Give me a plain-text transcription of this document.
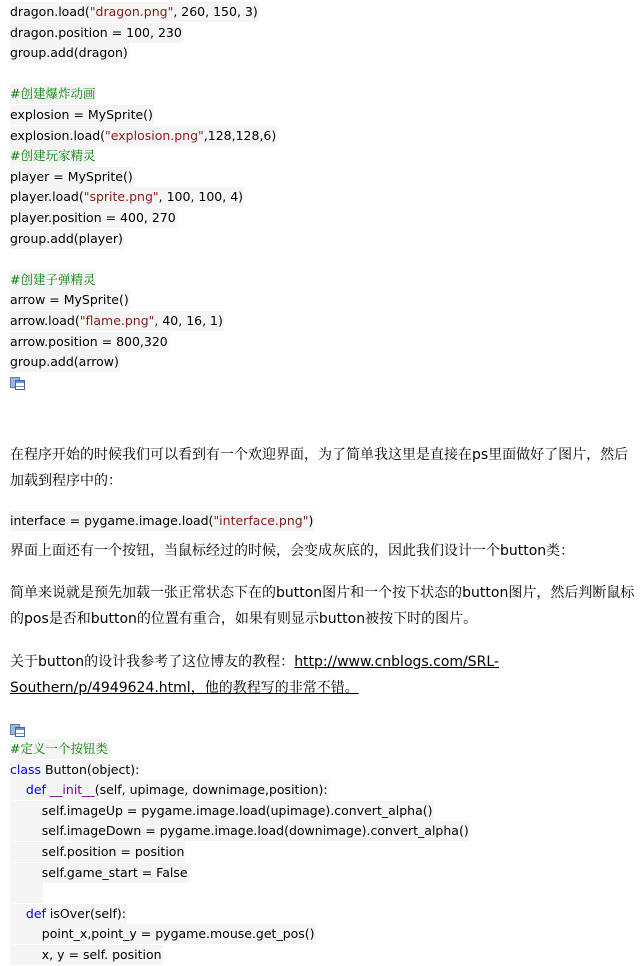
dragon.load("dragon.png", 260, 150, 3)
dragon.position = 100, 230
group.add(dragon)
#创建爆炸动画
explosion = MySprite()
explosion.load("explosion.png",128,128,6)
#创建玩家精灵
player = MySprite()
player.load("sprite.png", 100, 100, 4)
player.position = 400, 270
group.add(player)
#创建子弹精灵
arrow = MySprite()
arrow.load("flame.png", 40, 16, 1)
arrow.position = 800,320
group.add(arrow)
在程序开始的时候我们可以看到有一个欢迎界面，为了简单我这里是直接在ps里面做好了图片，然后加载到程序中的：
interface = pygame.image.load("interface.png")
界面上面还有一个按钮，当鼠标经过的时候，会变成灰底的，因此我们设计一个button类：
简单来说就是预先加载一张正常状态下在的button图片和一个按下状态的button图片，然后判断鼠标的pos是否和button的位置有重合，如果有则显示button被按下时的图片。
关于button的设计我参考了这位博友的教程：http://www.cnblogs.com/SRL-Southern/p/4949624.html，他的教程写的非常不错。
#定义一个按钮类
class Button(object):
def __init__(self, upimage, downimage,position):
self.imageUp = pygame.image.load(upimage).convert_alpha()
self.imageDown = pygame.image.load(downimage).convert_alpha()
self.position = position
self.game_start = False

def isOver(self):
point_x,point_y = pygame.mouse.get_pos()
x, y = self. position
